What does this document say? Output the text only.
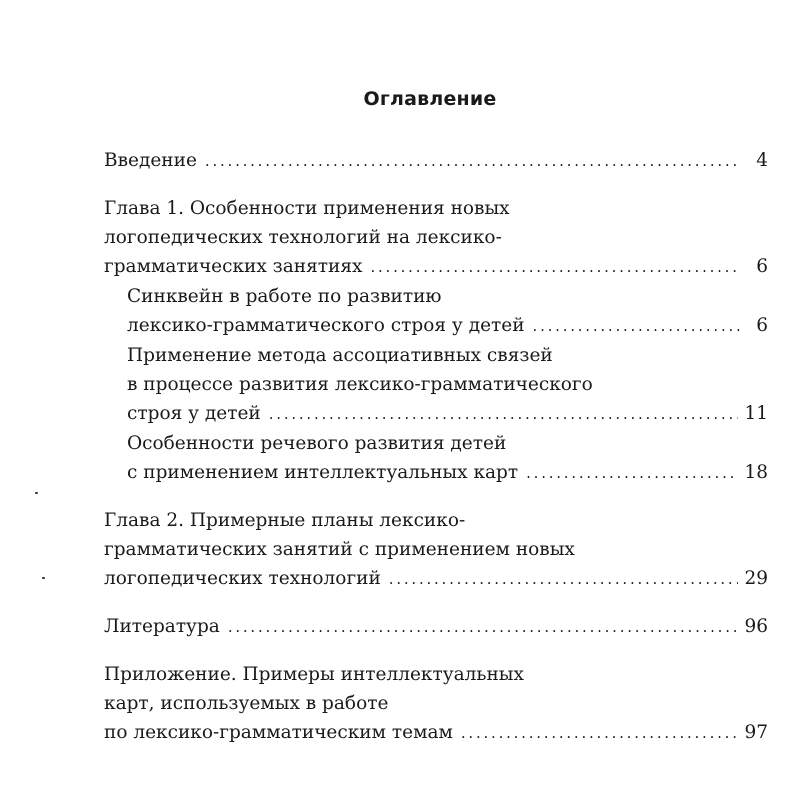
Оглавление
Введение . . .	4
Глава 1. Особенности применения новых
логопедических технологий на лексико-
грамматических занятиях . . .	6
Синквейн в работе по развитию
лексико-грамматического строя у детей . . .	6
Применение метода ассоциативных связей
в процессе развития лексико-грамматического
строя у детей . . .	11
Особенности речевого развития детей
с применением интеллектуальных карт . . .	18
Глава 2. Примерные планы лексико-
грамматических занятий с применением новых
логопедических технологий . . .	29
Литература . . .	96
Приложение. Примеры интеллектуальных
карт, используемых в работе
по лексико-грамматическим темам . . .	97
